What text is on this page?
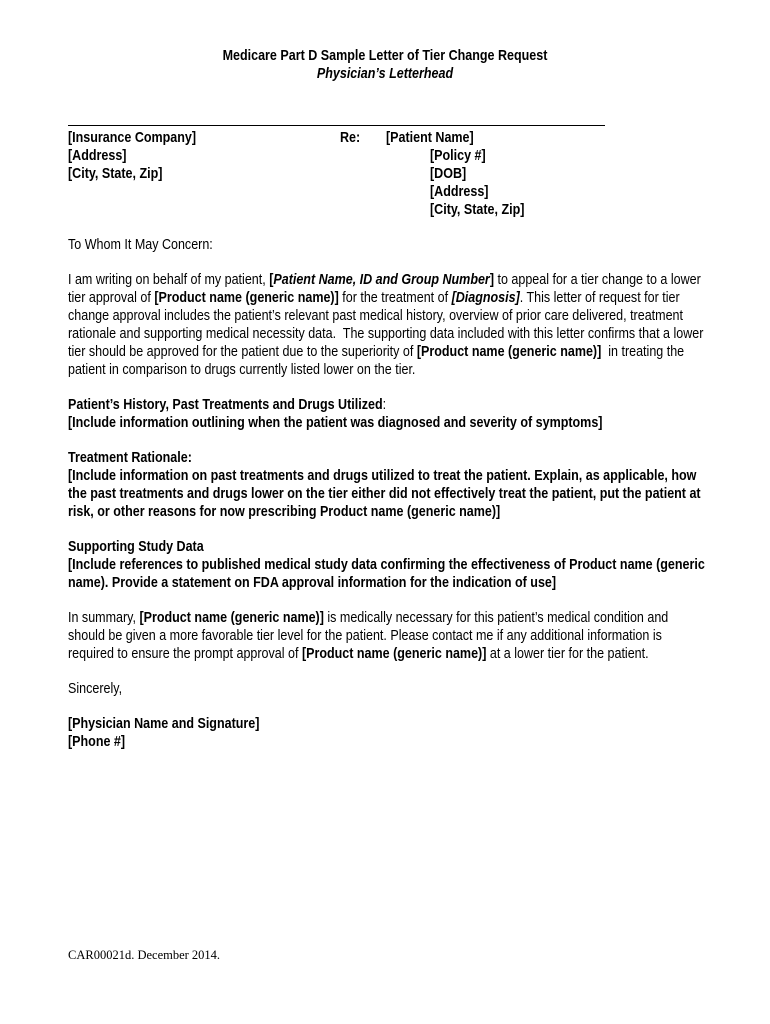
Medicare Part D Sample Letter of Tier Change Request
Physician’s Letterhead
[Insurance Company]
[Address]
[City, State, Zip]
Re: [Patient Name]
[Policy #]
[DOB]
[Address]
[City, State, Zip]
To Whom It May Concern:
I am writing on behalf of my patient, [Patient Name, ID and Group Number] to appeal for a tier change to a lower
tier approval of [Product name (generic name)] for the treatment of [Diagnosis]. This letter of request for tier
change approval includes the patient’s relevant past medical history, overview of prior care delivered, treatment
rationale and supporting medical necessity data.  The supporting data included with this letter confirms that a lower
tier should be approved for the patient due to the superiority of [Product name (generic name)]  in treating the
patient in comparison to drugs currently listed lower on the tier.
Patient’s History, Past Treatments and Drugs Utilized:
[Include information outlining when the patient was diagnosed and severity of symptoms]
Treatment Rationale:
[Include information on past treatments and drugs utilized to treat the patient. Explain, as applicable, how
the past treatments and drugs lower on the tier either did not effectively treat the patient, put the patient at
risk, or other reasons for now prescribing Product name (generic name)]
Supporting Study Data
[Include references to published medical study data confirming the effectiveness of Product name (generic
name). Provide a statement on FDA approval information for the indication of use]
In summary, [Product name (generic name)] is medically necessary for this patient’s medical condition and
should be given a more favorable tier level for the patient. Please contact me if any additional information is
required to ensure the prompt approval of [Product name (generic name)] at a lower tier for the patient.
Sincerely,
[Physician Name and Signature]
[Phone #]
CAR00021d. December 2014.
